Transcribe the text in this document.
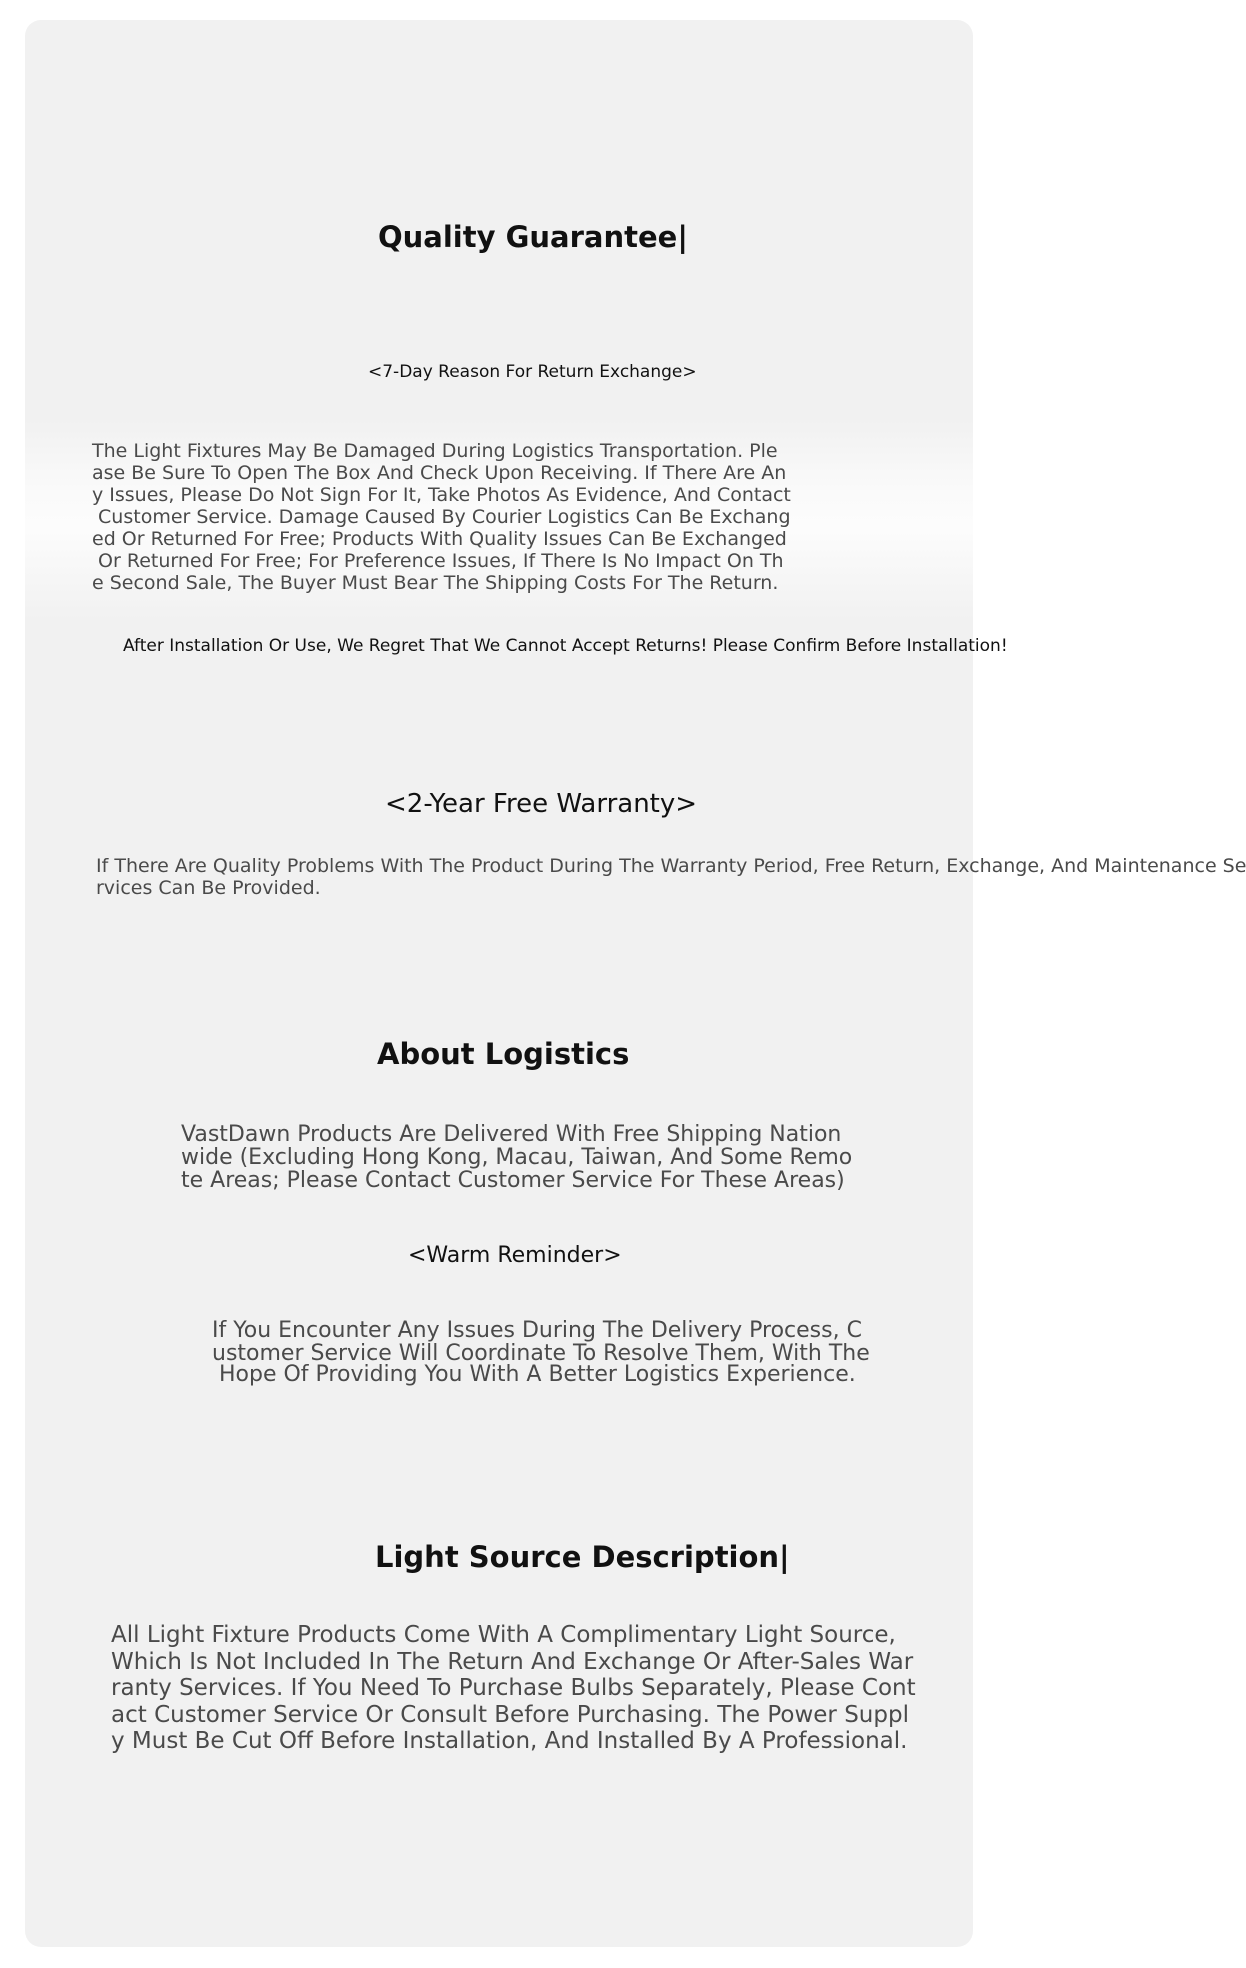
Quality Guarantee|

<7-Day Reason For Return Exchange>

The Light Fixtures May Be Damaged During Logistics Transportation. Ple

ase Be Sure To Open The Box And Check Upon Receiving. If There Are An

y Issues, Please Do Not Sign For It, Take Photos As Evidence, And Contact

Customer Service. Damage Caused By Courier Logistics Can Be Exchang

ed Or Returned For Free; Products With Quality Issues Can Be Exchanged

Or Returned For Free; For Preference Issues, If There Is No Impact On Th

e Second Sale, The Buyer Must Bear The Shipping Costs For The Return.

After Installation Or Use, We Regret That We Cannot Accept Returns! Please Confirm Before Installation!

<2-Year Free Warranty>

If There Are Quality Problems With The Product During The Warranty Period, Free Return, Exchange, And Maintenance Se

rvices Can Be Provided.

About Logistics

VastDawn Products Are Delivered With Free Shipping Nation

wide (Excluding Hong Kong, Macau, Taiwan, And Some Remo

te Areas; Please Contact Customer Service For These Areas)

<Warm Reminder>

If You Encounter Any Issues During The Delivery Process, C

ustomer Service Will Coordinate To Resolve Them, With The

Hope Of Providing You With A Better Logistics Experience.

Light Source Description|

All Light Fixture Products Come With A Complimentary Light Source,

Which Is Not Included In The Return And Exchange Or After-Sales War

ranty Services. If You Need To Purchase Bulbs Separately, Please Cont

act Customer Service Or Consult Before Purchasing. The Power Suppl

y Must Be Cut Off Before Installation, And Installed By A Professional.
